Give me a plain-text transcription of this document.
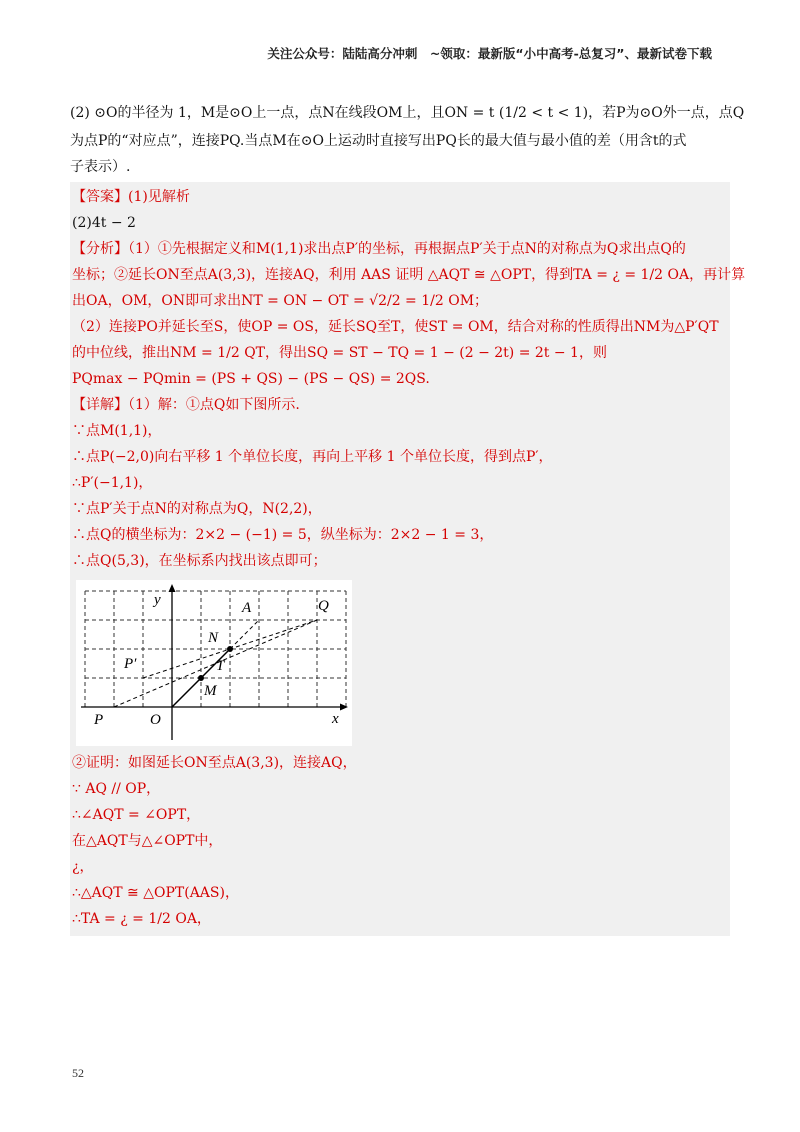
关注公众号：陆陆高分冲刺　~领取：最新版“小中高考-总复习”、最新试卷下载
(2) ⊙O的半径为 1，M是⊙O上一点，点N在线段OM上，且ON = t (1/2 < t < 1)，若P为⊙O外一点，点Q
为点P的“对应点”，连接PQ.当点M在⊙O上运动时直接写出PQ长的最大值与最小值的差（用含t的式
子表示）.
【答案】(1)见解析
(2)4t − 2
【分析】（1）①先根据定义和M(1,1)求出点P′的坐标，再根据点P′关于点N的对称点为Q求出点Q的
坐标；②延长ON至点A(3,3)，连接AQ，利用 AAS 证明 △AQT ≅ △OPT，得到TA = ¿ = 1/2 OA，再计算
出OA，OM，ON即可求出NT = ON − OT = √2/2 = 1/2 OM；
（2）连接PO并延长至S，使OP = OS，延长SQ至T，使ST = OM，结合对称的性质得出NM为△P′QT
的中位线，推出NM = 1/2 QT，得出SQ = ST − TQ = 1 − (2 − 2t) = 2t − 1，则
PQmax − PQmin = (PS + QS) − (PS − QS) = 2QS.
【详解】（1）解：①点Q如下图所示.
∵点M(1,1)，
∴点P(−2,0)向右平移 1 个单位长度，再向上平移 1 个单位长度，得到点P′，
∴P′(−1,1)，
∵点P′关于点N的对称点为Q，N(2,2)，
∴点Q的横坐标为：2×2 − (−1) = 5，纵坐标为：2×2 − 1 = 3，
∴点Q(5,3)，在坐标系内找出该点即可；
y
x
A	Q
N
T
M
P′
P	O
②证明：如图延长ON至点A(3,3)，连接AQ，
∵ AQ // OP，
∴∠AQT = ∠OPT，
在△AQT与△∠OPT中，
¿，
∴△AQT ≅ △OPT(AAS)，
∴TA = ¿ = 1/2 OA，
52
